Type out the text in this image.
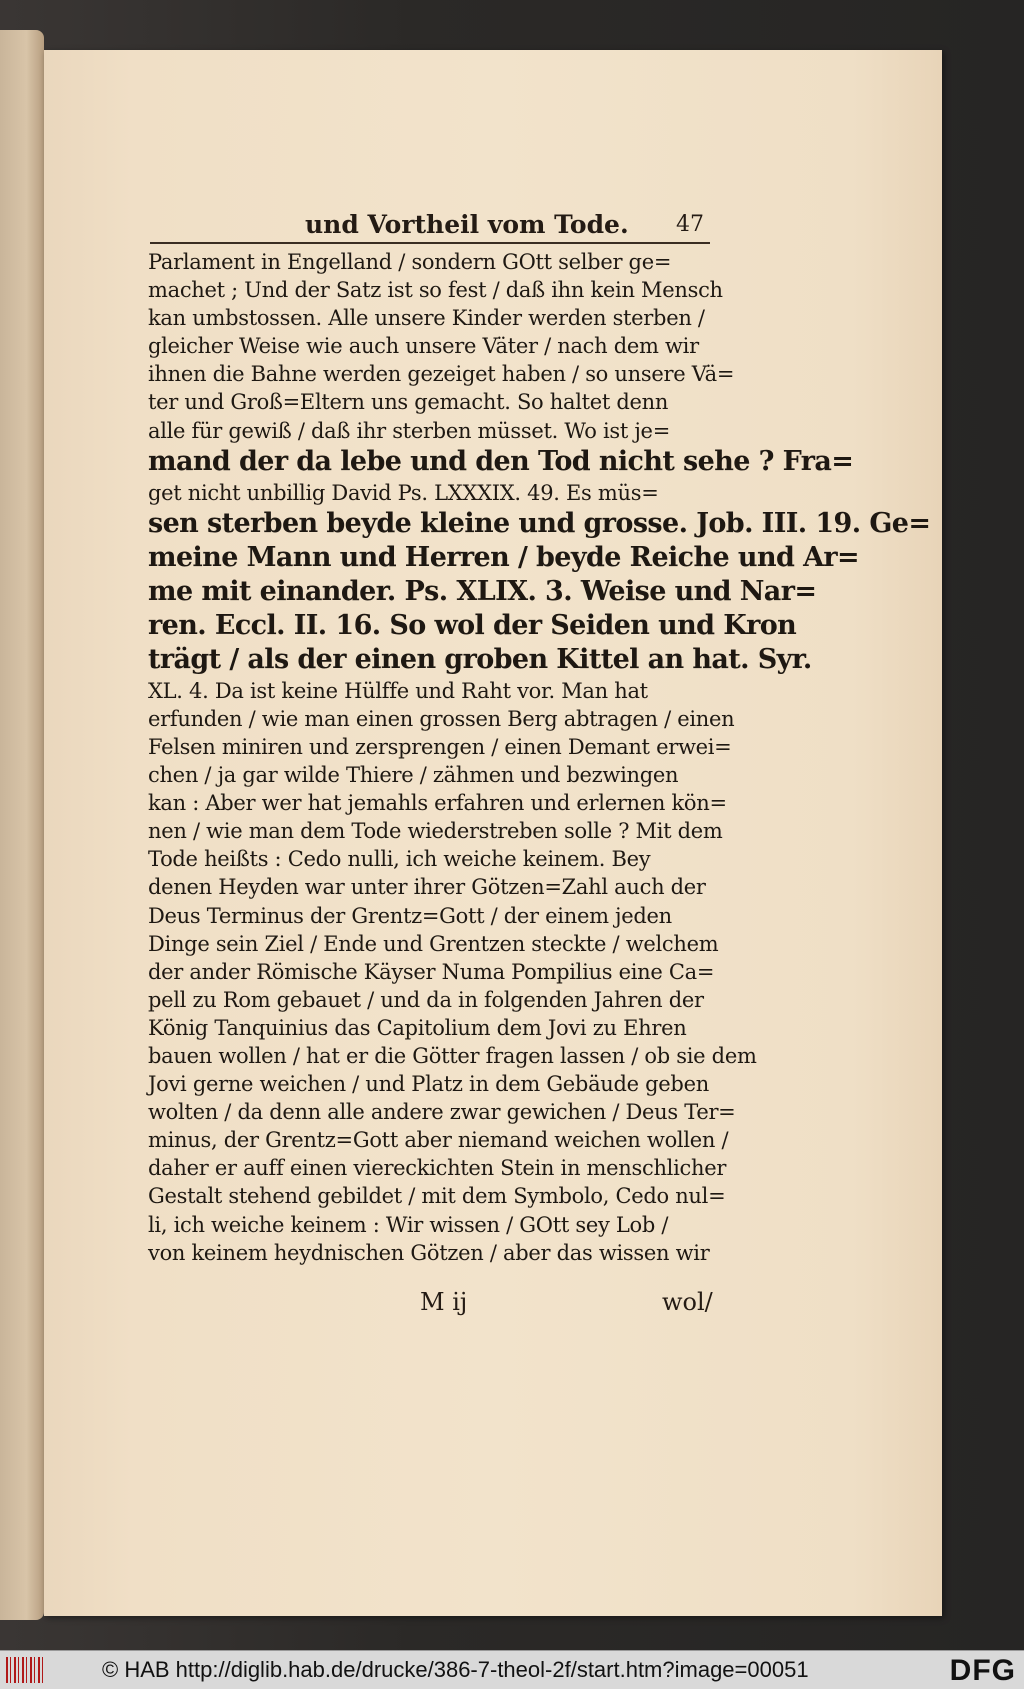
und Vortheil vom Tode. 47
Parlament in Engelland / sondern GOtt selber ge=
machet ; Und der Satz ist so fest / daß ihn kein Mensch
kan umbstossen. Alle unsere Kinder werden sterben /
gleicher Weise wie auch unsere Väter / nach dem wir
ihnen die Bahne werden gezeiget haben / so unsere Vä=
ter und Groß=Eltern uns gemacht. So haltet denn
alle für gewiß / daß ihr sterben müsset. Wo ist je=
mand der da lebe und den Tod nicht sehe ? Fra=
get nicht unbillig David Ps. LXXXIX. 49. Es müs=
sen sterben beyde kleine und grosse. Job. III. 19. Ge=
meine Mann und Herren / beyde Reiche und Ar=
me mit einander. Ps. XLIX. 3. Weise und Nar=
ren. Eccl. II. 16. So wol der Seiden und Kron
trägt / als der einen groben Kittel an hat. Syr.
XL. 4. Da ist keine Hülffe und Raht vor. Man hat
erfunden / wie man einen grossen Berg abtragen / einen
Felsen miniren und zersprengen / einen Demant erwei=
chen / ja gar wilde Thiere / zähmen und bezwingen
kan : Aber wer hat jemahls erfahren und erlernen kön=
nen / wie man dem Tode wiederstreben solle ? Mit dem
Tode heißts : Cedo nulli, ich weiche keinem. Bey
denen Heyden war unter ihrer Götzen=Zahl auch der
Deus Terminus der Grentz=Gott / der einem jeden
Dinge sein Ziel / Ende und Grentzen steckte / welchem
der ander Römische Käyser Numa Pompilius eine Ca=
pell zu Rom gebauet / und da in folgenden Jahren der
König Tanquinius das Capitolium dem Jovi zu Ehren
bauen wollen / hat er die Götter fragen lassen / ob sie dem
Jovi gerne weichen / und Platz in dem Gebäude geben
wolten / da denn alle andere zwar gewichen / Deus Ter=
minus, der Grentz=Gott aber niemand weichen wollen /
daher er auff einen viereckichten Stein in menschlicher
Gestalt stehend gebildet / mit dem Symbolo, Cedo nul=
li, ich weiche keinem : Wir wissen / GOtt sey Lob /
von keinem heydnischen Götzen / aber das wissen wir
M ij	wol/
© HAB http://diglib.hab.de/drucke/386-7-theol-2f/start.htm?image=00051	DFG
